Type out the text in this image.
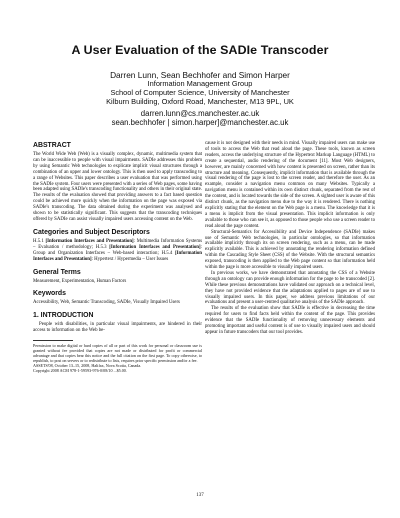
A User Evaluation of the SADIe Transcoder
Darren Lunn, Sean Bechhofer and Simon Harper
Information Management Group
School of Computer Science, University of Manchester
Kilburn Building, Oxford Road, Manchester, M13 9PL, UK
darren.lunn@cs.manchester.ac.uk
sean.bechhofer | simon.harper]@manchester.ac.uk
ABSTRACT

The World Wide Web (Web) is a visually complex, dynamic, multimedia system that can be inaccessible to people with visual impairments. SADIe addresses this problem by using Semantic Web technologies to explicate implicit visual structures through a combination of an upper and lower ontology. This is then used to apply transcoding to a range of Websites. This paper describes a user evaluation that was performed using the SADIe system. Four users were presented with a series of Web pages, some having been adapted using SADIe's transcoding functionality and others in their original state. The results of the evaluation showed that providing answers to a fact based question could be achieved more quickly when the information on the page was exposed via SADIe's transcoding. The data obtained during the experiment was analysed and shown to be statistically significant. This suggests that the transcoding techniques offered by SADIe can assist visually impaired users accessing content on the Web.

Categories and Subject Descriptors

H.5.1 [Information Interfaces and Presentation]: Multimedia Information Systems – Evaluation / methodology; H.5.3 [Information Interfaces and Presentation]: Group and Organization Interfaces – Web-based interaction; H.5.4 [Information Interfaces and Presentation]: Hypertext / Hypermedia – User Issues

General Terms

Measurement, Experimentation, Human Factors

Keywords

Accessibility, Web, Semantic Transcoding, SADIe, Visually Impaired Users

1. INTRODUCTION

People with disabilities, in particular visual impairments, are hindered in their access to information on the Web be-

Permission to make digital or hard copies of all or part of this work for personal or classroom use is granted without fee provided that copies are not made or distributed for profit or commercial advantage and that copies bear this notice and the full citation on the first page. To copy otherwise, to republish, to post on servers or to redistribute to lists, requires prior specific permission and/or a fee.

ASSETS'08, October 13–15, 2008, Halifax, Nova Scotia, Canada.

Copyright 2008 ACM 978-1-59593-976-0/08/10 ...$5.00.

cause it is not designed with their needs in mind. Visually impaired users can make use of tools to access the Web that read aloud the page. These tools, known as screen readers, access the underlying structure of the Hypertext Markup Language (HTML) to create a sequential, audio rendering of the document [11]. Most Web designers, however, are mainly concerned with how content is presented on screen, rather than its structure and meaning. Consequently, implicit information that is available through the visual rendering of the page is lost to the screen reader, and therefore the user. As an example, consider a navigation menu common on many Websites. Typically a navigation menu is contained within its own distinct chunk, separated from the rest of the content, and is located towards the side of the screen. A sighted user is aware of this distinct chunk, as the navigation menu due to the way it is rendered. There is nothing explicitly stating that the element on the Web page is a menu. The knowledge that it is a menu is implicit from the visual presentation. This implicit information is only available to those who can see it, as opposed to those people who use a screen reader to read aloud the page content.

Structural-Semantics for Accessibility and Device Independence (SADIe) makes use of Semantic Web technologies, in particular ontologies, so that information available implicitly through its on screen rendering, such as a menu, can be made explicitly available. This is achieved by annotating the rendering information defined within the Cascading Style Sheet (CSS) of the Website. With the structural semantics exposed, transcoding is then applied to the Web page content so that information held within the page is more accessible to visually impaired users.

In previous works, we have demonstrated that annotating the CSS of a Website through an ontology can provide enough information for the page to be transcoded [2]. While these previous demonstrations have validated our approach on a technical level, they have not provided evidence that the adaptations applied to pages are of use to visually impaired users. In this paper, we address previous limitations of our evaluations and present a user-centred qualitative analysis of the SADIe approach.

The results of the evaluation show that SADIe is effective in decreasing the time required for users to find facts held within the content of the page. This provides evidence that the SADIe functionality of removing unnecessary elements and promoting important and useful content is of use to visually impaired users and should appear in future transcoders that our tool provides.

137
